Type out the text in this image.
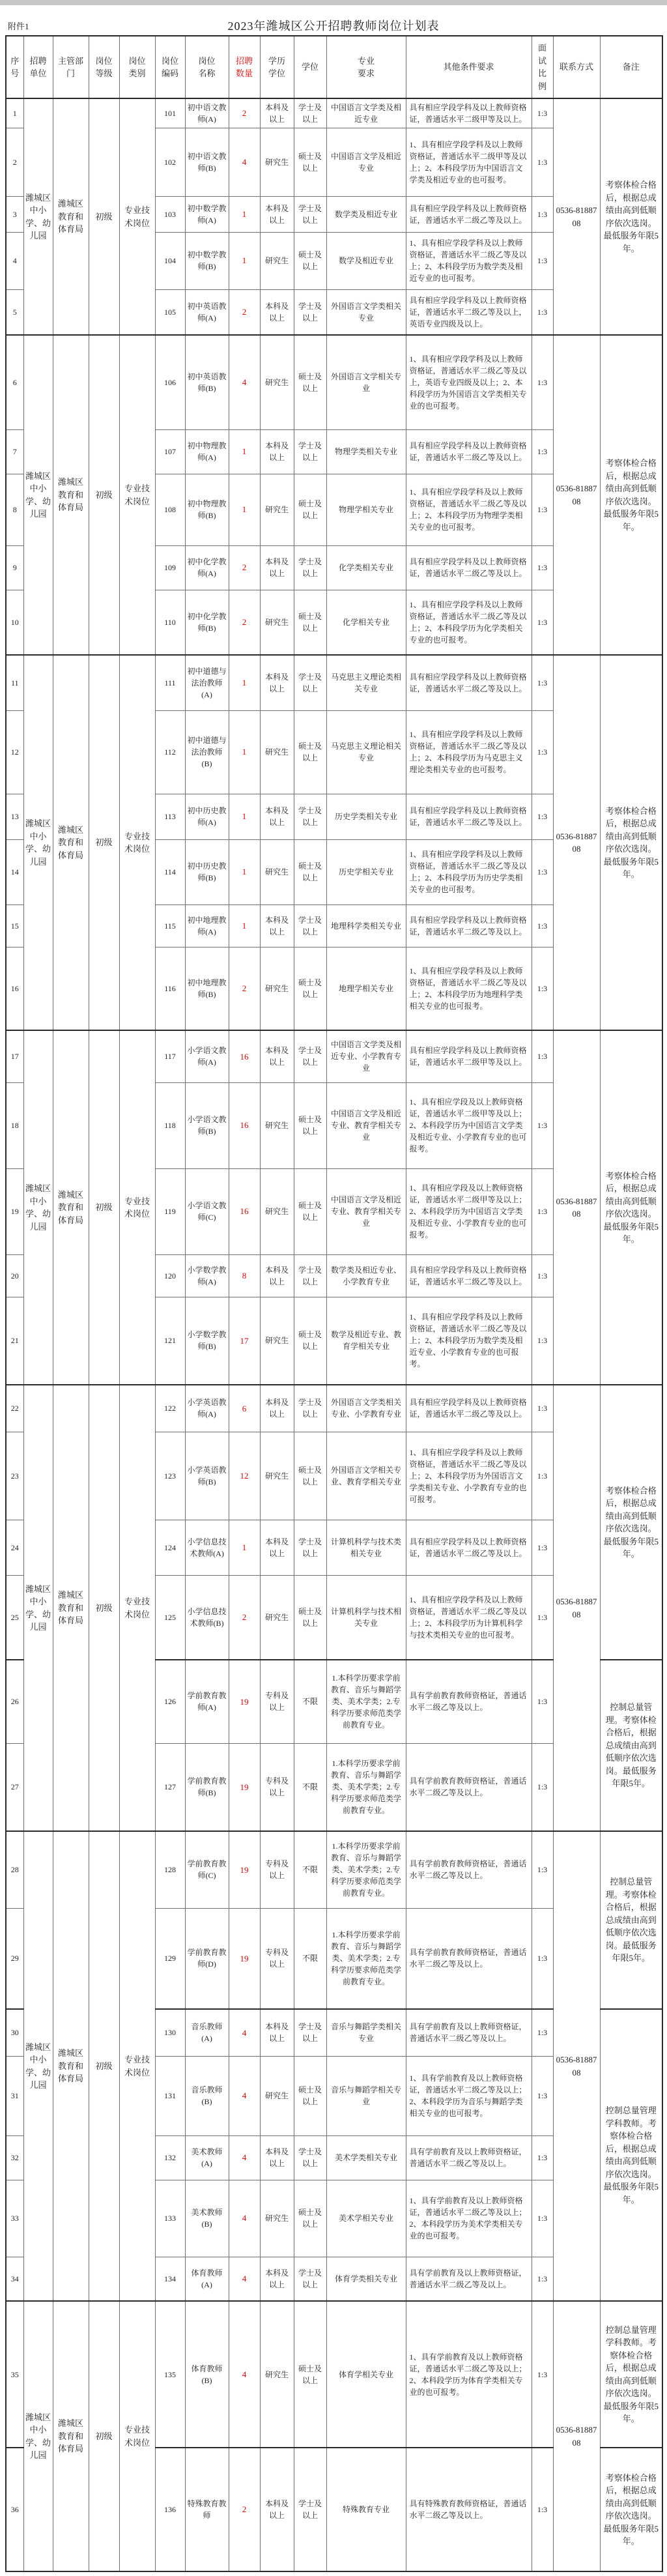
附件1	2023年潍城区公开招聘教师岗位计划表
序号	招聘单位	主管部门	岗位等级	岗位类别	岗位编码	岗位名称	招聘数量	学历学位	学位	专业要求	其他条件要求	面试比例	联系方式	备注
1	潍城区中小学、幼儿园	潍城区教育和体育局	初级	专业技术岗位	101	初中语文教师(A)	2	本科及以上	学士及以上	中国语言文学类及相近专业	具有相应学段学科及以上教师资格证，普通话水平二级甲等及以上。	1:3	0536-8188708	考察体检合格后，根据总成绩由高到低顺序依次选岗。最低服务年限5年。
2					102	初中语文教师(B)	4	研究生	硕士及以上	中国语言文学及相近专业	1、具有相应学段学科及以上教师资格证，普通话水平二级甲等及以上；2、本科段学历为中国语言文学类及相近专业的也可报考。	1:3		
3					103	初中数学教师(A)	1	本科及以上	学士及以上	数学类及相近专业	具有相应学段学科及以上教师资格证，普通话水平二级乙等及以上。	1:3		
4					104	初中数学教师(B)	1	研究生	硕士及以上	数学及相近专业	1、具有相应学段学科及以上教师资格证，普通话水平二级乙等及以上；2、本科段学历为数学类及相近专业的也可报考。	1:3		
5					105	初中英语教师(A)	2	本科及以上	学士及以上	外国语言文学类相关专业	具有相应学段学科及以上教师资格证，普通话水平二级乙等及以上，英语专业四级及以上。	1:3		
6	潍城区中小学、幼儿园	潍城区教育和体育局	初级	专业技术岗位	106	初中英语教师(B)	4	研究生	硕士及以上	外国语言文学相关专业	1、具有相应学段学科及以上教师资格证，普通话水平二级乙等及以上，英语专业四级及以上；2、本科段学历为外国语言文学类相关专业的也可报考。	1:3	0536-8188708	考察体检合格后，根据总成绩由高到低顺序依次选岗。最低服务年限5年。
7					107	初中物理教师(A)	1	本科及以上	学士及以上	物理学类相关专业	具有相应学段学科及以上教师资格证，普通话水平二级乙等及以上。	1:3		
8					108	初中物理教师(B)	1	研究生	硕士及以上	物理学相关专业	1、具有相应学段学科及以上教师资格证，普通话水平二级乙等及以上；2、本科段学历为物理学类相关专业的也可报考。	1:3		
9					109	初中化学教师(A)	2	本科及以上	学士及以上	化学类相关专业	具有相应学段学科及以上教师资格证，普通话水平二级乙等及以上。	1:3		
10					110	初中化学教师(B)	2	研究生	硕士及以上	化学相关专业	1、具有相应学段学科及以上教师资格证，普通话水平二级乙等及以上；2、本科段学历为化学类相关专业的也可报考。	1:3		
11	潍城区中小学、幼儿园	潍城区教育和体育局	初级	专业技术岗位	111	初中道德与法治教师(A)	1	本科及以上	学士及以上	马克思主义理论类相关专业	具有相应学段学科及以上教师资格证，普通话水平二级乙等及以上。	1:3	0536-8188708	考察体检合格后，根据总成绩由高到低顺序依次选岗。最低服务年限5年。
12					112	初中道德与法治教师(B)	1	研究生	硕士及以上	马克思主义理论相关专业	1、具有相应学段学科及以上教师资格证，普通话水平二级乙等及以上；2、本科段学历为马克思主义理论类相关专业的也可报考。	1:3		
13					113	初中历史教师(A)	1	本科及以上	学士及以上	历史学类相关专业	具有相应学段学科及以上教师资格证，普通话水平二级乙等及以上。	1:3		
14					114	初中历史教师(B)	1	研究生	硕士及以上	历史学相关专业	1、具有相应学段学科及以上教师资格证，普通话水平二级乙等及以上；2、本科段学历为历史学类相关专业的也可报考。	1:3		
15					115	初中地理教师(A)	1	本科及以上	学士及以上	地理科学类相关专业	具有相应学段学科及以上教师资格证，普通话水平二级乙等及以上。	1:3		
16					116	初中地理教师(B)	2	研究生	硕士及以上	地理学相关专业	1、具有相应学段学科及以上教师资格证，普通话水平二级乙等及以上；2、本科段学历为地理科学类相关专业的也可报考。	1:3		
17	潍城区中小学、幼儿园	潍城区教育和体育局	初级	专业技术岗位	117	小学语文教师(A)	16	本科及以上	学士及以上	中国语言文学类及相近专业、小学教育专业	具有相应学段学科及以上教师资格证，普通话水平二级甲等及以上。	1:3	0536-8188708	考察体检合格后，根据总成绩由高到低顺序依次选岗。最低服务年限5年。
18					118	小学语文教师(B)	16	研究生	硕士及以上	中国语言文学及相近专业、教育学相关专业	1、具有相应学段及以上教师资格证，普通话水平二级甲等及以上；2、本科段学历为中国语言文学类及相近专业、小学教育专业的也可报考。	1:3		
19					119	小学语文教师(C)	16	研究生	硕士及以上	中国语言文学及相近专业、教育学相关专业	1、具有相应学段及以上教师资格证，普通话水平二级甲等及以上；2、本科段学历为中国语言文学类及相近专业、小学教育专业的也可报考。	1:3		
20					120	小学数学教师(A)	8	本科及以上	学士及以上	数学类及相近专业、小学教育专业	具有相应学段学科及以上教师资格证，普通话水平二级乙等及以上。	1:3		
21					121	小学数学教师(B)	17	研究生	硕士及以上	数学及相近专业、教育学相关专业	1、具有相应学段学科及以上教师资格证，普通话水平二级乙等及以上；2、本科段学历为数学类及相近专业、小学教育专业的也可报考。	1:3		
22	潍城区中小学、幼儿园	潍城区教育和体育局	初级	专业技术岗位	122	小学英语教师(A)	6	本科及以上	学士及以上	外国语言文学类相关专业、小学教育专业	具有相应学段学科及以上教师资格证，普通话水平二级乙等及以上。	1:3	0536-8188708	考察体检合格后，根据总成绩由高到低顺序依次选岗。最低服务年限5年。
23					123	小学英语教师(B)	12	研究生	硕士及以上	外国语言文学相关专业、教育学相关专业	1、具有相应学段学科及以上教师资格证，普通话水平二级乙等及以上；2、本科段学历为外国语言文学类相关专业、小学教育专业的也可报考。	1:3		
24					124	小学信息技术教师(A)	1	本科及以上	学士及以上	计算机科学与技术类相关专业	具有相应学段学科及以上教师资格证，普通话水平二级乙等及以上。	1:3		
25					125	小学信息技术教师(B)	2	研究生	硕士及以上	计算机科学与技术相关专业	1、具有相应学段学科及以上教师资格证，普通话水平二级乙等及以上；2、本科段学历为计算机科学与技术类相关专业的也可报考。	1:3		
26					126	学前教育教师(A)	19	专科及以上	不限	1.本科学历要求学前教育、音乐与舞蹈学类、美术学类；2.专科学历要求师范类学前教育专业。	具有学前教育教师资格证，普通话水平二级乙等及以上。	1:3		控制总量管理。考察体检合格后，根据总成绩由高到低顺序依次选岗。最低服务年限5年。
27					127	学前教育教师(B)	19	专科及以上	不限	1.本科学历要求学前教育、音乐与舞蹈学类、美术学类；2.专科学历要求师范类学前教育专业。	具有学前教育教师资格证，普通话水平二级乙等及以上。	1:3		
28	潍城区中小学、幼儿园	潍城区教育和体育局	初级	专业技术岗位	128	学前教育教师(C)	19	专科及以上	不限	1.本科学历要求学前教育、音乐与舞蹈学类、美术学类；2.专科学历要求师范类学前教育专业。	具有学前教育教师资格证，普通话水平二级乙等及以上。	1:3	0536-8188708	控制总量管理。考察体检合格后，根据总成绩由高到低顺序依次选岗。最低服务年限5年。
29					129	学前教育教师(D)	19	专科及以上	不限	1.本科学历要求学前教育、音乐与舞蹈学类、美术学类；2.专科学历要求师范类学前教育专业。	具有学前教育教师资格证，普通话水平二级乙等及以上。	1:3		
30					130	音乐教师(A)	4	本科及以上	学士及以上	音乐与舞蹈学类相关专业	具有学前教育及以上教师资格证，普通话水平二级乙等及以上。	1:3		控制总量管理学科教师。考察体检合格后，根据总成绩由高到低顺序依次选岗。最低服务年限5年。
31					131	音乐教师(B)	4	研究生	硕士及以上	音乐与舞蹈学相关专业	1、具有学前教育及以上教师资格证，普通话水平二级乙等及以上；2、本科段学历为音乐与舞蹈学类相关专业的也可报考。	1:3		
32					132	美术教师(A)	4	本科及以上	学士及以上	美术学类相关专业	具有学前教育及以上教师资格证，普通话水平二级乙等及以上。	1:3		
33					133	美术教师(B)	4	研究生	硕士及以上	美术学相关专业	1、具有学前教育及以上教师资格证，普通话水平二级乙等及以上；2、本科段学历为美术学类相关专业的也可报考。	1:3		
34					134	体育教师(A)	4	本科及以上	学士及以上	体育学类相关专业	具有学前教育及以上教师资格证，普通话水平二级乙等及以上。	1:3		
35	潍城区中小学、幼儿园	潍城区教育和体育局	初级	专业技术岗位	135	体育教师(B)	4	研究生	硕士及以上	体育学相关专业	1、具有学前教育及以上教师资格证，普通话水平二级乙等及以上；2、本科段学历为体育学类相关专业的也可报考。	1:3	0536-8188708	控制总量管理学科教师。考察体检合格后，根据总成绩由高到低顺序依次选岗。最低服务年限5年。
36					136	特殊教育教师	2	本科及以上	学士及以上	特殊教育专业	具有特殊教育教师资格证，普通话水平二级乙等及以上。	1:3		考察体检合格后，根据总成绩由高到低顺序依次选岗。最低服务年限5年。
